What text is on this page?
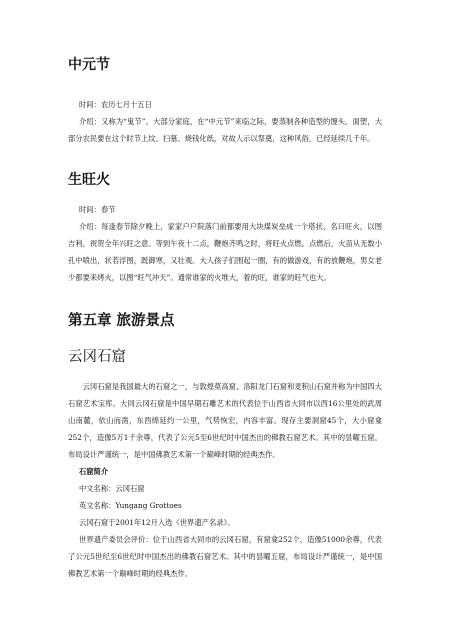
中元节

时间：农历七月十五日

介绍：又称为“鬼节”。大部分家庭，在“中元节”来临之际，要蒸制各种造型的馒头、面塑，大部分农民要在这个时节上坟、扫墓、烧钱化纸，对故人示以祭奠，这种风俗，已经延续几千年。

生旺火

时间：春节

介绍：每逢春节除夕晚上，家家户户院落门前都要用大块煤炭垒成一个塔状，名曰旺火，以图吉利，祝贺全年兴旺之意。等到午夜十二点，鞭炮齐鸣之时，将旺火点燃。点燃后，火苗从无数小孔中喷出，状若浮图，既御寒，又壮观。大人孩子们围起一圈，有的做游戏，有的放鞭炮，男女老少都要来烤火，以图“旺气冲天”。通常谁家的火堆大，着的旺，谁家的旺气也大。

第五章 旅游景点
云冈石窟

云冈石窟是我国最大的石窟之一，与敦煌莫高窟、洛阳龙门石窟和麦积山石窟并称为中国四大石窟艺术宝库。大同云冈石窟是中国早期石雕艺术的代表位于山西省大同市以西16公里处的武周山南麓，依山而凿，东西绵延约一公里，气势恢宏，内容丰富。现存主要洞窟45个，大小窟龛252个，造像5万1千余尊，代表了公元5至6世纪时中国杰出的佛教石窟艺术。其中的昙曜五窟，布局设计严谨统一，是中国佛教艺术第一个巅峰时期的经典杰作。

石窟简介

中文名称：云冈石窟

英文名称：Yungang Grottoes

云冈石窟于2001年12月入选《世界遗产名录》。

世界遗产委员会评价：位于山西省大同市的云冈石窟，有窟龛252个，造像51000余尊，代表了公元5世纪至6世纪时中国杰出的佛教石窟艺术。其中的昙曜五窟，布局设计严谨统一，是中国佛教艺术第一个巅峰时期的经典杰作。
